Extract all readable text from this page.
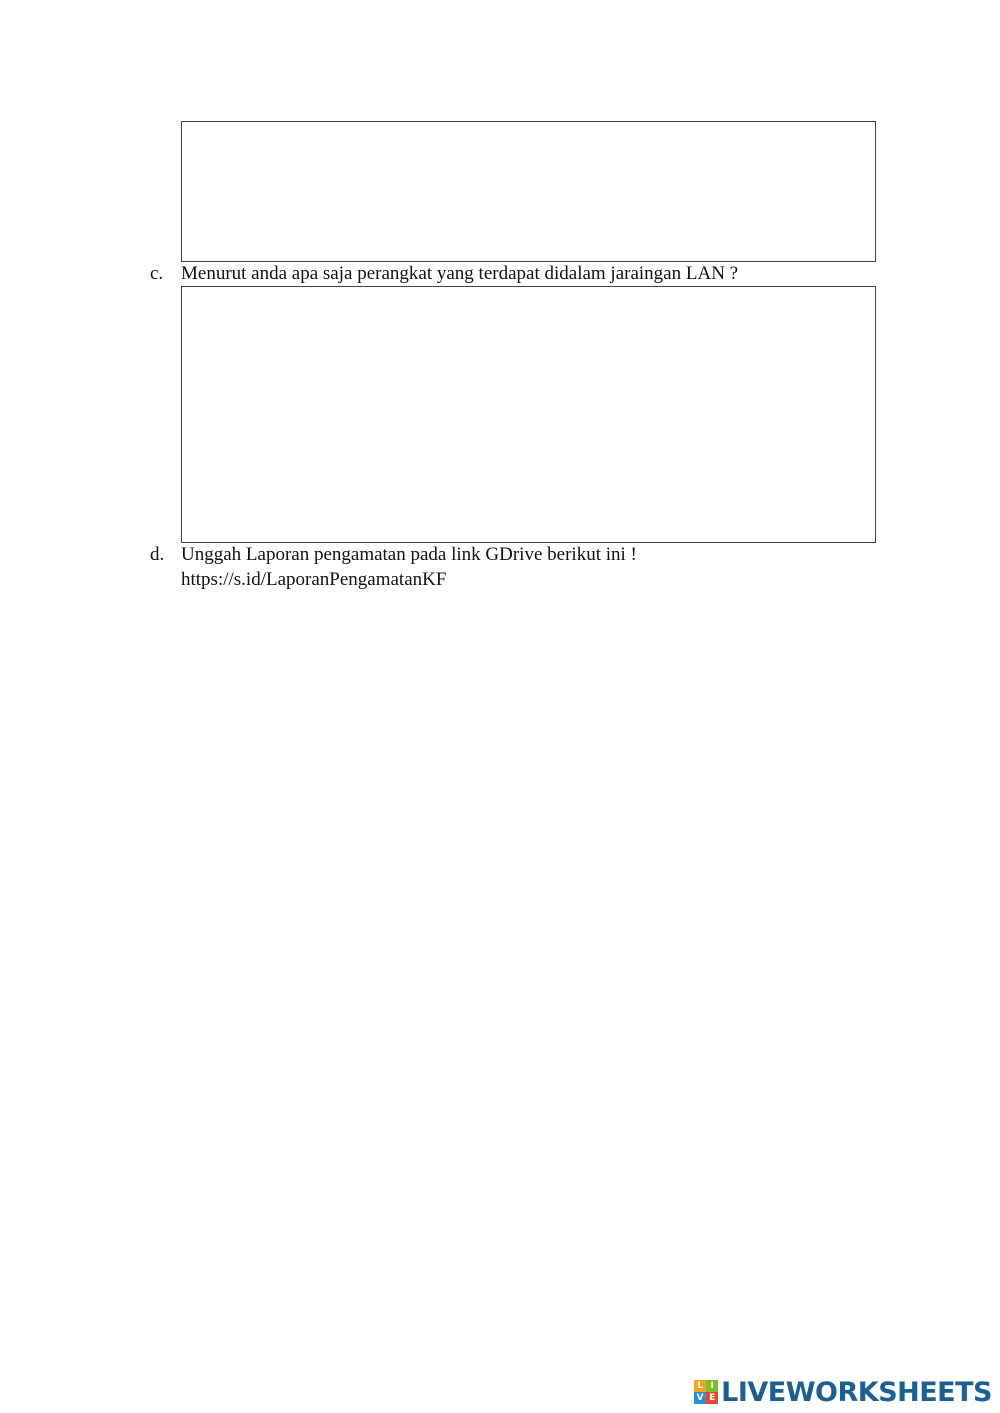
c. Menurut anda apa saja perangkat yang terdapat didalam jaraingan LAN ?
d. Unggah Laporan pengamatan pada link GDrive berikut ini !
https://s.id/LaporanPengamatanKF
L I
V E LIVEWORKSHEETS
